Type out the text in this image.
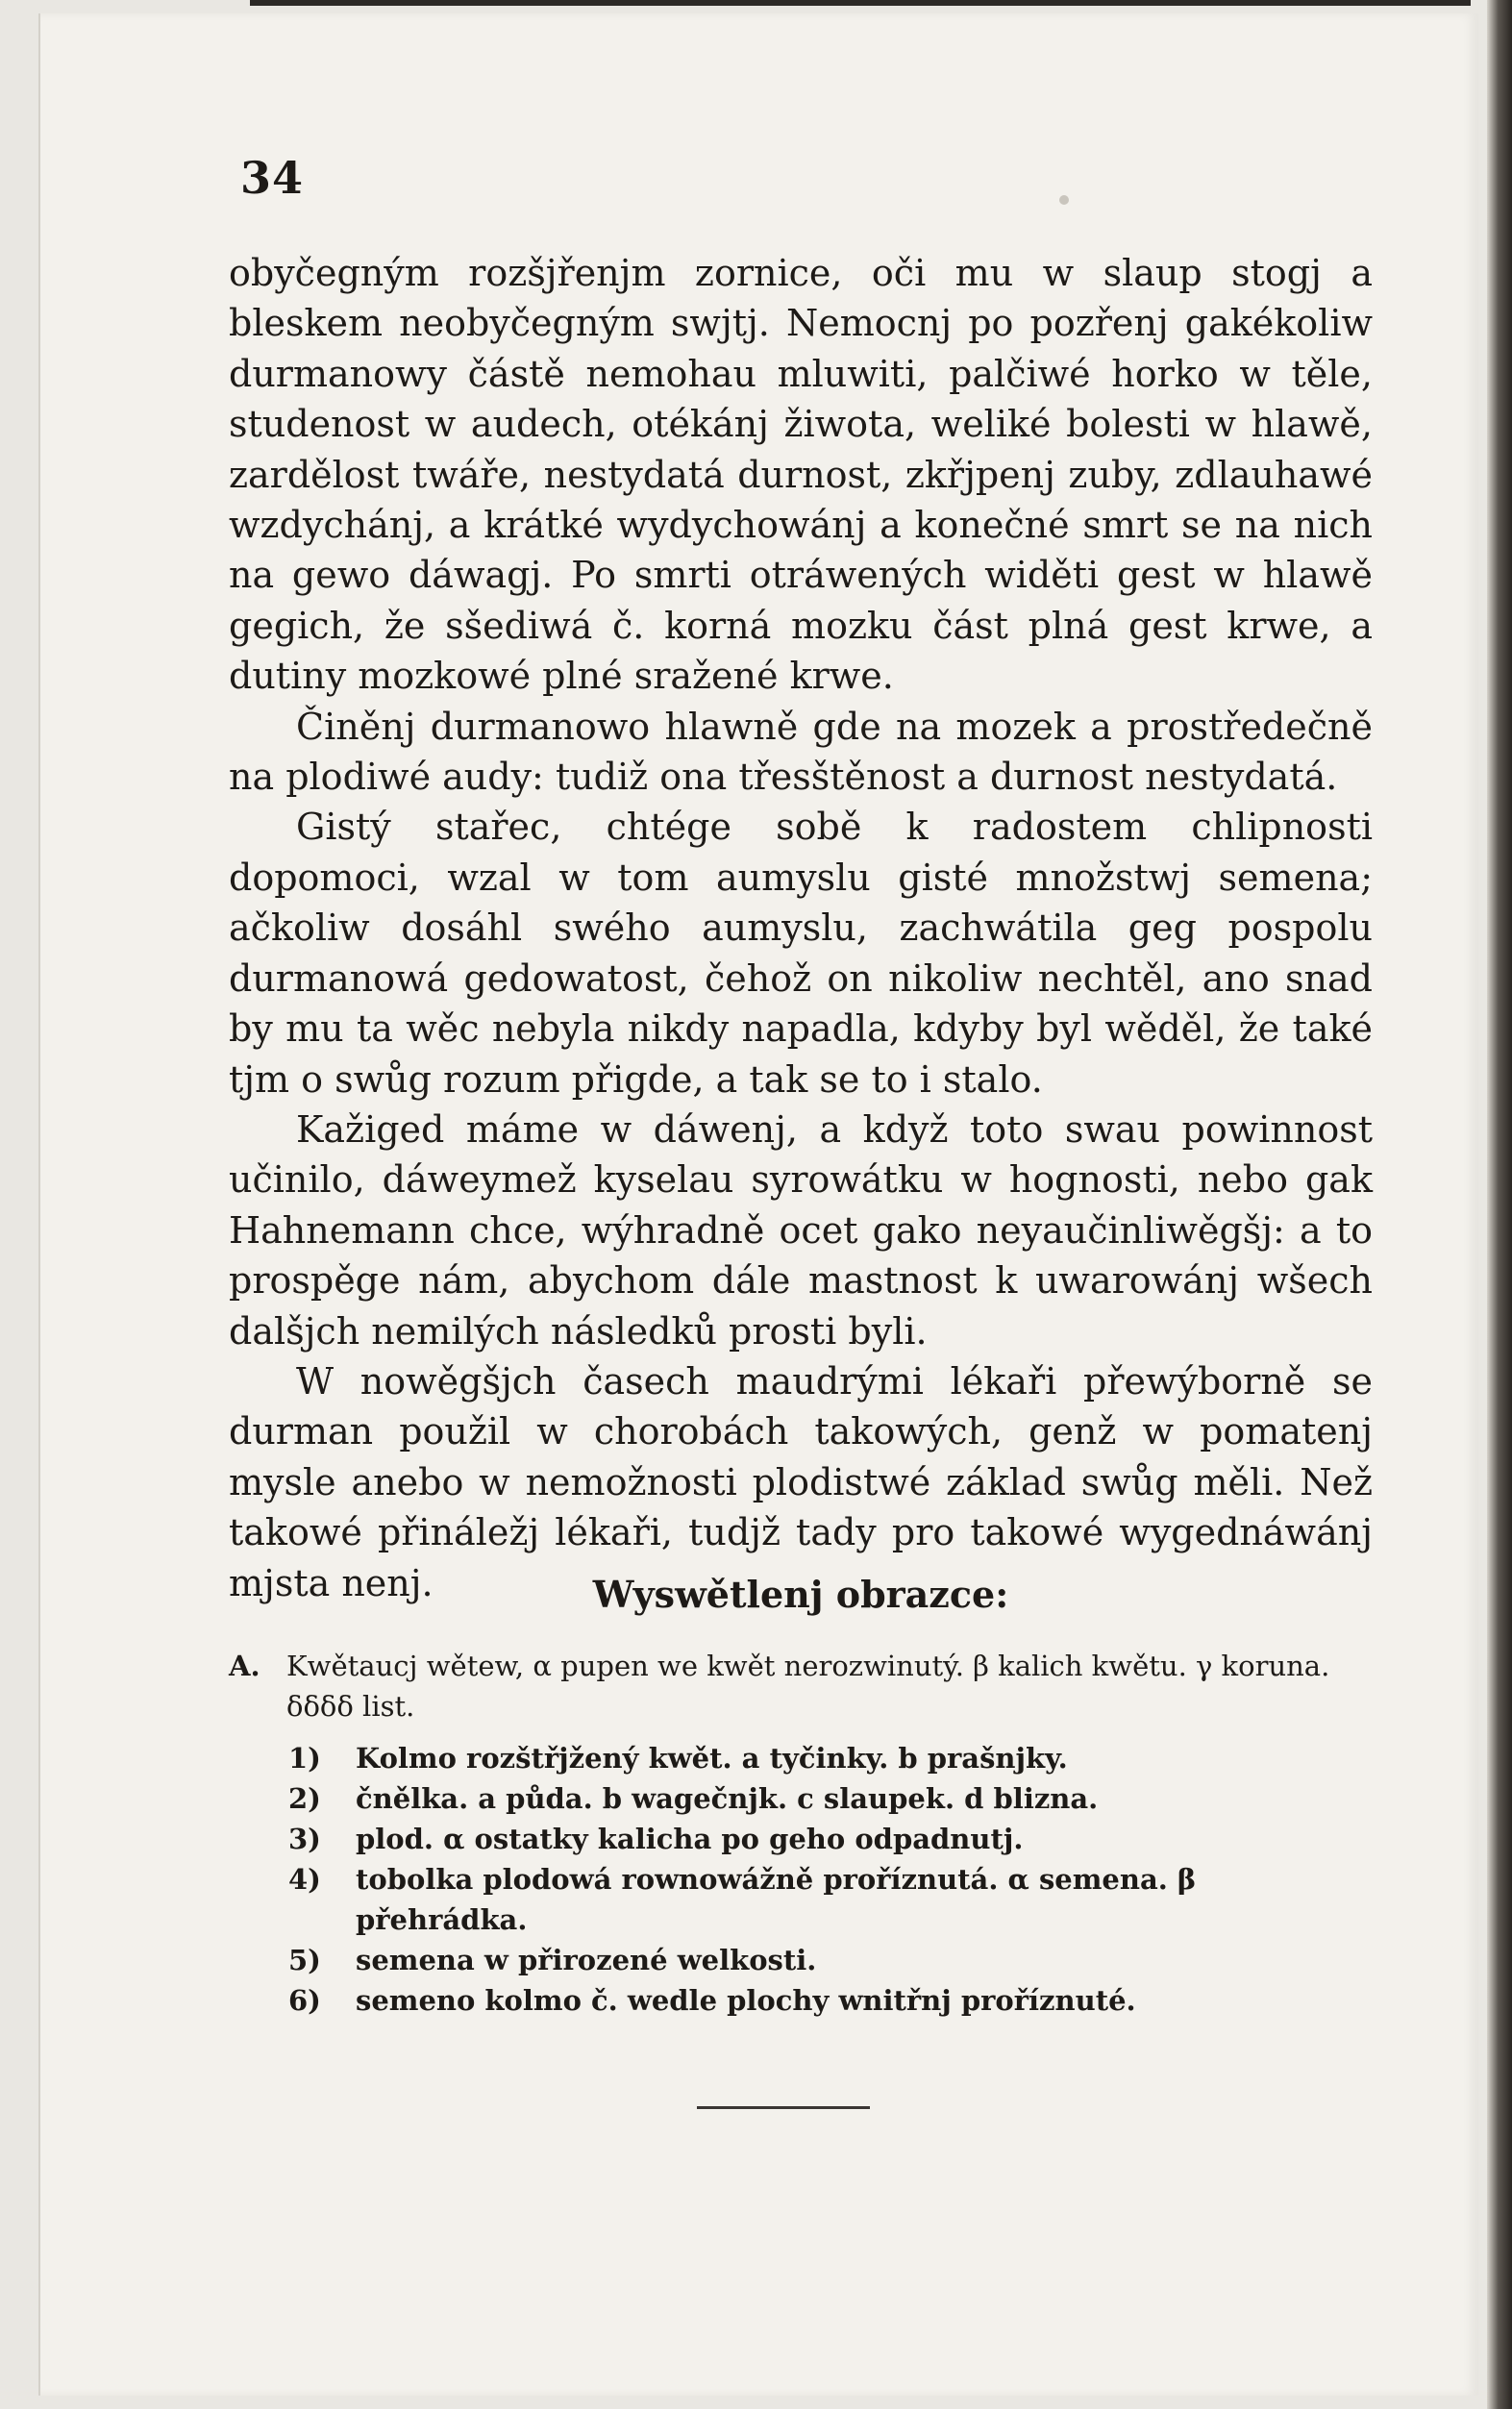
34

obyčegným rozšjřenjm zornice, oči mu w slaup stogj a bleskem neobyčegným swjtj. Nemocnj po pozřenj gakékoliw durmanowy částě nemohau mluwiti, palčiwé horko w těle, studenost w audech, otékánj žiwota, weliké bolesti w hlawě, zardělost twáře, nestydatá durnost, zkřjpenj zuby, zdlauhawé wzdychánj, a krátké wydychowánj a konečné smrt se na nich na gewo dáwagj. Po smrti otráwených widěti gest w hlawě gegich, že sšediwá č. korná mozku část plná gest krwe, a dutiny mozkowé plné sražené krwe.

Činěnj durmanowo hlawně gde na mozek a prostředečně na plodiwé audy: tudiž ona třesštěnost a durnost nestydatá.

Gistý stařec, chtége sobě k radostem chlipnosti dopomoci, wzal w tom aumyslu gisté množstwj semena; ačkoliw dosáhl swého aumyslu, zachwátila geg pospolu durmanowá gedowatost, čehož on nikoliw nechtěl, ano snad by mu ta wěc nebyla nikdy napadla, kdyby byl wěděl, že také tjm o swůg rozum přigde, a tak se to i stalo.

Kažiged máme w dáwenj, a když toto swau powinnost učinilo, dáweymež kyselau syrowátku w hognosti, nebo gak Hahnemann chce, wýhradně ocet gako neyaučinliwěgšj: a to prospěge nám, abychom dále mastnost k uwarowánj wšech dalšjch nemilých následků prosti byli.

W nowěgšjch časech maudrými lékaři přewýborně se durman použil w chorobách takowých, genž w pomatenj mysle anebo w nemožnosti plodistwé základ swůg měli. Než takowé přináležj lékaři, tudjž tady pro takowé wygednáwánj mjsta nenj.	Wyswětlenj obrazce:
A. Kwětaucj wětew, α pupen we kwět nerozwinutý. β kalich kwětu. γ koruna. δδδδ list.
1)	Kolmo rozštřjžený kwět. a tyčinky. b prašnjky.
2)	čnělka. a půda. b wagečnjk. c slaupek. d blizna.
3)	plod. α ostatky kalicha po geho odpadnutj.
4)	tobolka plodowá rownowážně proříznutá. α semena. β přehrádka.
5)	semena w přirozené welkosti.
6)	semeno kolmo č. wedle plochy wnitřnj proříznuté.
